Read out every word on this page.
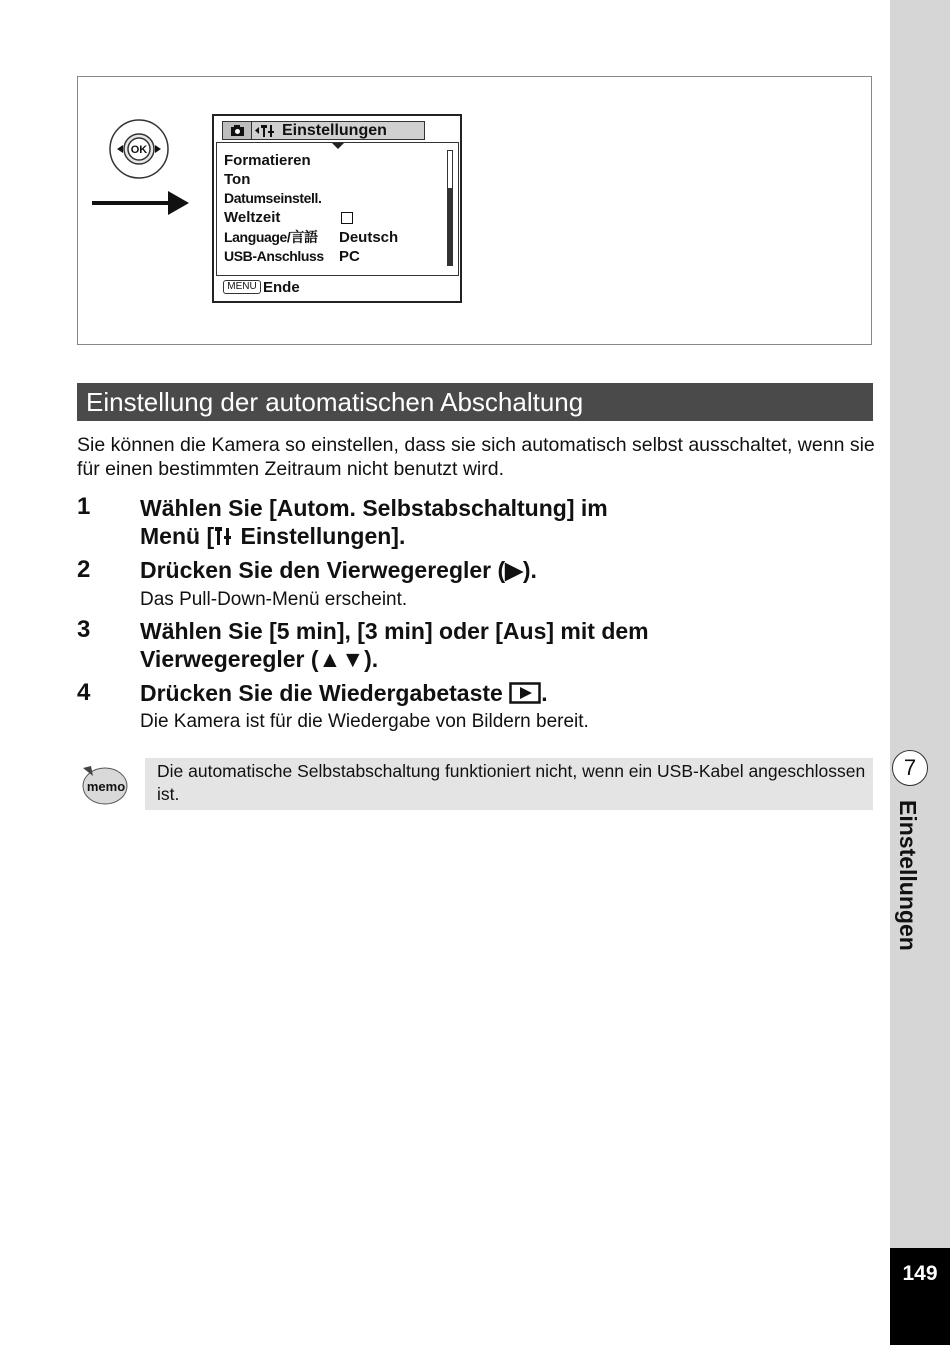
7
Einstellungen
149
OK
Einstellungen
Formatieren
Ton
Datumseinstell.
Weltzeit
Language/言語 Deutsch
USB-Anschluss PC
MENU Ende
Einstellung der automatischen Abschaltung
Sie können die Kamera so einstellen, dass sie sich automatisch selbst ausschaltet, wenn sie für einen bestimmten Zeitraum nicht benutzt wird.
1 Wählen Sie [Autom. Selbstabschaltung] im
Menü [ Einstellungen].
2 Drücken Sie den Vierwegeregler (▶).
Das Pull-Down-Menü erscheint.
3 Wählen Sie [5 min], [3 min] oder [Aus] mit dem
Vierwegeregler (▲▼).
4 Drücken Sie die Wiedergabetaste .
Die Kamera ist für die Wiedergabe von Bildern bereit.
memo
Die automatische Selbstabschaltung funktioniert nicht, wenn ein USB-Kabel angeschlossen ist.
